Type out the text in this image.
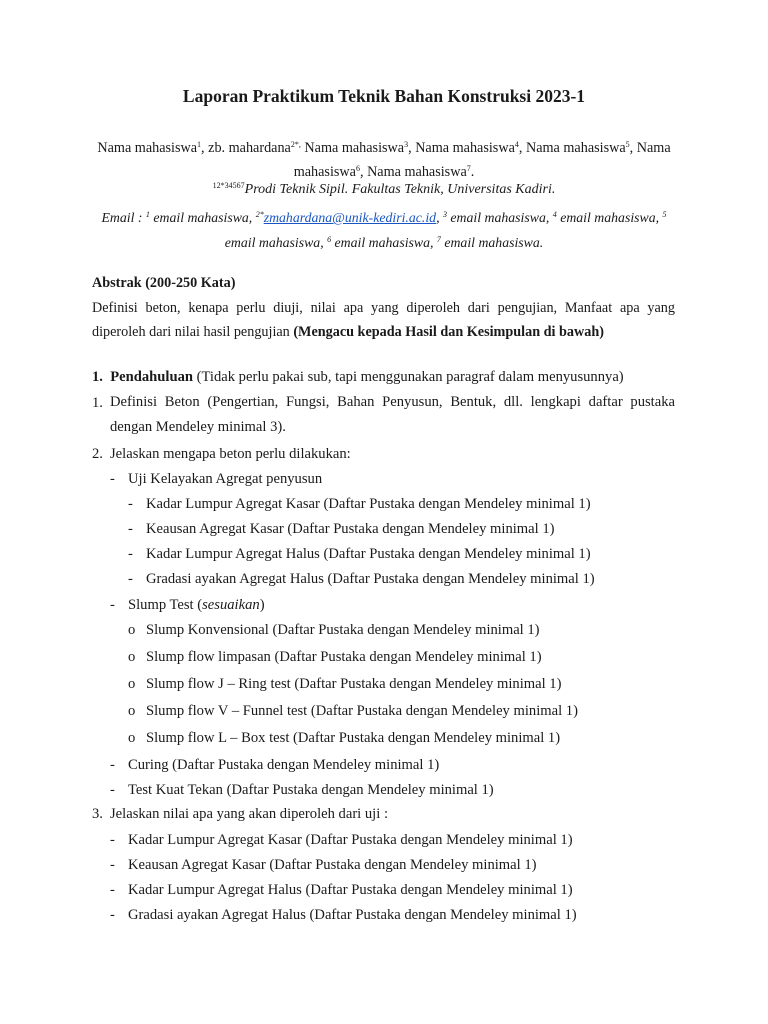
Laporan Praktikum Teknik Bahan Konstruksi 2023-1
Nama mahasiswa$^1$, zb. mahardana$^{2*,}$ Nama mahasiswa$^3$, Nama mahasiswa$^4$, Nama mahasiswa$^5$, Nama mahasiswa$^6$, Nama mahasiswa$^7$.
$^{12*34567}$Prodi Teknik Sipil. Fakultas Teknik, Universitas Kadiri.
Email : $^1$ email mahasiswa, $^{2*}$zmahardana@unik-kediri.ac.id, $^3$ email mahasiswa, $^4$ email mahasiswa, $^5$ email mahasiswa, $^6$ email mahasiswa, $^7$ email mahasiswa.
Abstrak (200-250 Kata)
Definisi beton, kenapa perlu diuji, nilai apa yang diperoleh dari pengujian, Manfaat apa yang diperoleh dari nilai hasil pengujian (Mengacu kepada Hasil dan Kesimpulan di bawah)
1. Pendahuluan (Tidak perlu pakai sub, tapi menggunakan paragraf dalam menyusunnya)
1. Definisi Beton (Pengertian, Fungsi, Bahan Penyusun, Bentuk, dll. lengkapi daftar pustaka dengan Mendeley minimal 3).
2. Jelaskan mengapa beton perlu dilakukan:
- Uji Kelayakan Agregat penyusun
- Kadar Lumpur Agregat Kasar (Daftar Pustaka dengan Mendeley minimal 1)
- Keausan Agregat Kasar (Daftar Pustaka dengan Mendeley minimal 1)
- Kadar Lumpur Agregat Halus (Daftar Pustaka dengan Mendeley minimal 1)
- Gradasi ayakan Agregat Halus (Daftar Pustaka dengan Mendeley minimal 1)
- Slump Test (sesuaikan)
o Slump Konvensional (Daftar Pustaka dengan Mendeley minimal 1)
o Slump flow limpasan (Daftar Pustaka dengan Mendeley minimal 1)
o Slump flow J – Ring test (Daftar Pustaka dengan Mendeley minimal 1)
o Slump flow V – Funnel test (Daftar Pustaka dengan Mendeley minimal 1)
o Slump flow L – Box test (Daftar Pustaka dengan Mendeley minimal 1)
- Curing (Daftar Pustaka dengan Mendeley minimal 1)
- Test Kuat Tekan (Daftar Pustaka dengan Mendeley minimal 1)
3. Jelaskan nilai apa yang akan diperoleh dari uji :
- Kadar Lumpur Agregat Kasar (Daftar Pustaka dengan Mendeley minimal 1)
- Keausan Agregat Kasar (Daftar Pustaka dengan Mendeley minimal 1)
- Kadar Lumpur Agregat Halus (Daftar Pustaka dengan Mendeley minimal 1)
- Gradasi ayakan Agregat Halus (Daftar Pustaka dengan Mendeley minimal 1)
